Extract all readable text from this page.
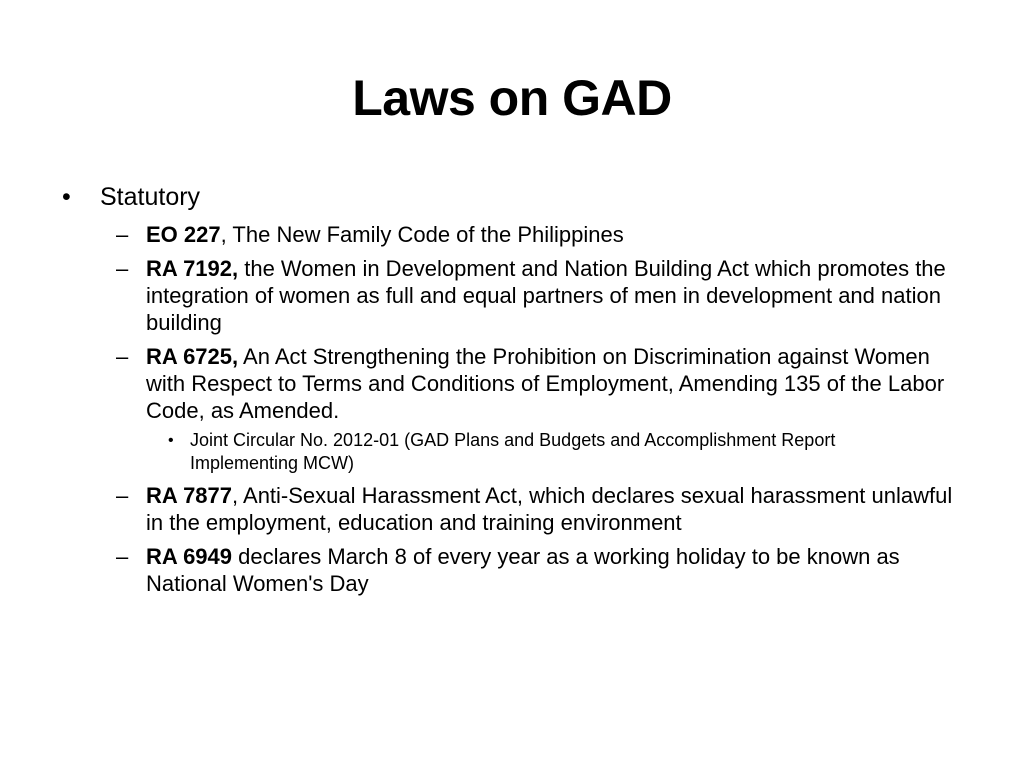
Laws on GAD

• Statutory

– EO 227, The New Family Code of the Philippines
– RA 7192, the Women in Development and Nation Building Act which promotes the integration of women as full and equal partners of men in development and nation building
– RA 6725, An Act Strengthening the Prohibition on Discrimination against Women with Respect to Terms and Conditions of Employment, Amending 135 of the Labor Code, as Amended.
• Joint Circular No. 2012-01 (GAD Plans and Budgets and Accomplishment Report Implementing MCW)
– RA 7877, Anti-Sexual Harassment Act, which declares sexual harassment unlawful in the employment, education and training environment
– RA 6949 declares March 8 of every year as a working holiday to be known as National Women's Day
